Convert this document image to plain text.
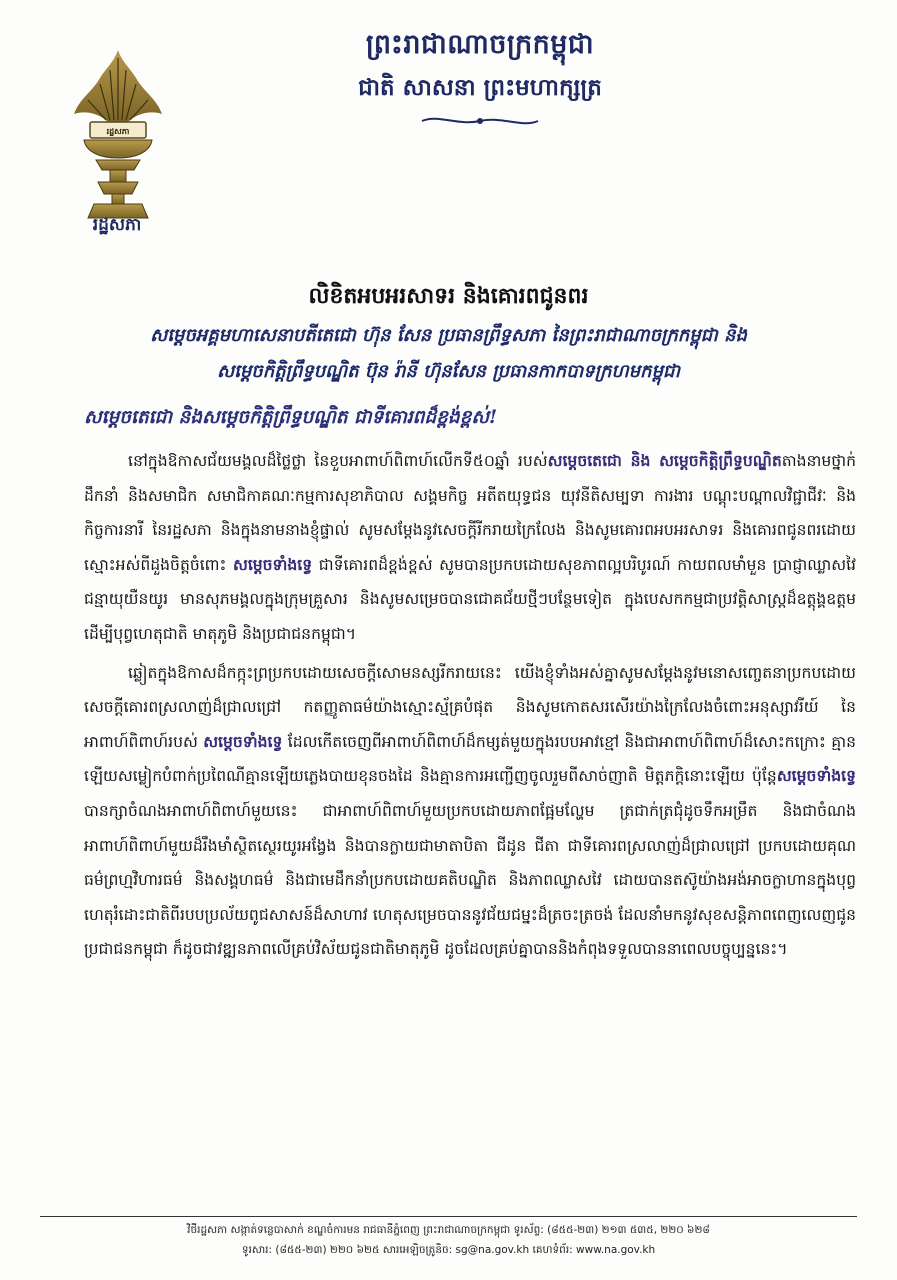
រដ្ឋសភា
រដ្ឋសភា
ព្រះរាជាណាចក្រកម្ពុជា
ជាតិ សាសនា ព្រះមហាក្សត្រ
លិខិតអបអរសាទរ និងគោរពជូនពរ
សម្តេចអគ្គមហាសេនាបតីតេជោ ហ៊ុន សែន ប្រធានព្រឹទ្ធសភា នៃព្រះរាជាណាចក្រកម្ពុជា និង
សម្តេចកិត្តិព្រឹទ្ធបណ្ឌិត ប៊ុន រ៉ានី ហ៊ុនសែន ប្រធានកាកបាទក្រហមកម្ពុជា
សម្តេចតេជោ និងសម្តេចកិត្តិព្រឹទ្ធបណ្ឌិត ជាទីគោរពដ៏ខ្ពង់ខ្ពស់!

នៅក្នុងឱកាសជ័យមង្គលដ៏ថ្លៃថ្លា នៃខួបអាពាហ៍ពិពាហ៍លើកទី៥០ឆ្នាំ របស់សម្តេចតេជោ និង សម្តេចកិត្តិព្រឹទ្ធបណ្ឌិតតាងនាមថ្នាក់ដឹកនាំ និងសមាជិក សមាជិកាគណៈកម្មការសុខាភិបាល សង្គមកិច្ច អតីតយុទ្ធជន យុវនីតិសម្បទា ការងារ បណ្តុះបណ្តាលវិជ្ជាជីវៈ និងកិច្ចការនារី នៃរដ្ឋសភា និងក្នុងនាមនាងខ្ញុំផ្ទាល់ សូមសម្តែងនូវសេចក្តីរីករាយក្រៃលែង និងសូមគោរពអបអរសាទរ និងគោរពជូនពរដោយស្មោះអស់ពីដួងចិត្តចំពោះ សម្តេចទាំងទ្វេ ជាទីគោរពដ៏ខ្ពង់ខ្ពស់ សូមបានប្រកបដោយសុខភាពល្អបរិបូរណ៍ កាយពលមាំមួន ប្រាជ្ញាឈ្លាសវៃ ជន្មាយុយឺនយូរ មានសុភមង្គលក្នុងក្រុមគ្រួសារ និងសូមសម្រេចបានជោគជ័យថ្មីៗបន្ថែមទៀត ក្នុងបេសកកម្មជាប្រវត្តិសាស្ត្រដ៏ឧត្តុង្គឧត្តម ដើម្បីបុព្វហេតុជាតិ មាតុភូមិ និងប្រជាជនកម្ពុជា។

ឆ្លៀតក្នុងឱកាសដ៏កក្កុះ​ព្រប្រកបដោយសេចក្តីសោមនស្សរីករាយនេះ យើងខ្ញុំទាំងអស់គ្នាសូមសម្តែងនូវមនោសញ្ចេតនាប្រកបដោយសេចក្តីគោរពស្រលាញ់ដ៏ជ្រាលជ្រៅ កតញ្ញូតាធម៌យ៉ាងស្មោះស្ម័គ្របំផុត និងសូមកោតសរសើរយ៉ាងក្រៃលែងចំពោះអនុស្សាវរីយ៍ នៃអាពាហ៍ពិពាហ៍របស់ សម្តេចទាំងទ្វេ ដែលកើតចេញពីអាពាហ៍ពិពាហ៍ដ៏កម្សត់មួយក្នុងរបបអាវខ្មៅ និងជាអាពាហ៍ពិពាហ៍ដ៏សោះកក្រោះ គ្មានឡើយសម្លៀកបំពាក់ប្រពៃណីគ្មានឡើយភ្លេងបាយខុនចងដៃ និងគ្មានការអញ្ជើញចូលរួមពីសាច់ញាតិ មិត្តភក្តិនោះឡើយ ប៉ុន្តែសម្តេចទាំងទ្វេបានក្សាចំណងអាពាហ៍ពិពាហ៍មួយនេះ ជាអាពាហ៍ពិពាហ៍មួយប្រកបដោយភាពផ្អែមល្ហែម ត្រជាក់ត្រជុំដូចទឹកអម្រឹត និងជាចំណងអាពាហ៍ពិពាហ៍មួយដ៏រឹងមាំស្ថិតស្ថេរយូរអង្វែង និងបានក្លាយជាមាតាបិតា ជីដូន ជីតា ជាទីគោរពស្រលាញ់ដ៏ជ្រាលជ្រៅ ប្រកបដោយគុណធម៌ព្រហ្មវិហារធម៌ និងសង្គហធម៌ និងជាមេដឹកនាំប្រកបដោយគតិបណ្ឌិត និងភាពឈ្លាសវៃ ដោយបានតស៊ូយ៉ាងអង់អាចក្លាហានក្នុងបុព្វហេតុរំដោះជាតិពីរបបប្រល័យពូជសាសន៍ដ៏សាហាវ ហេតុសម្រេចបាននូវជ័យជម្នះដ៏ត្រចះត្រចង់ ដែលនាំមកនូវសុខសន្តិភាពពេញលេញជូនប្រជាជនកម្ពុជា ក៏ដូចជាវឌ្ឍនភាពលើគ្រប់វិស័យជូនជាតិមាតុភូមិ ដូចដែលគ្រប់គ្នាបាននិងកំពុងទទួលបាននាពេលបច្ចុប្បន្ននេះ។

វិថីរដ្ឋសភា សង្កាត់ទន្លេបាសាក់ ខណ្ឌចំការមន រាជធានីភ្នំពេញ ព្រះរាជាណាចក្រកម្ពុជា ទូរស័ព្ទ: (៨៥៥-២៣) ២១៣ ៥៣៥, ២២០ ៦២៨
ទូរសារ: (៨៥៥-២៣) ២២០ ៦២៥ សារអេឡិចត្រូនិច: sg@na.gov.kh គេហទំព័រ: www.na.gov.kh
